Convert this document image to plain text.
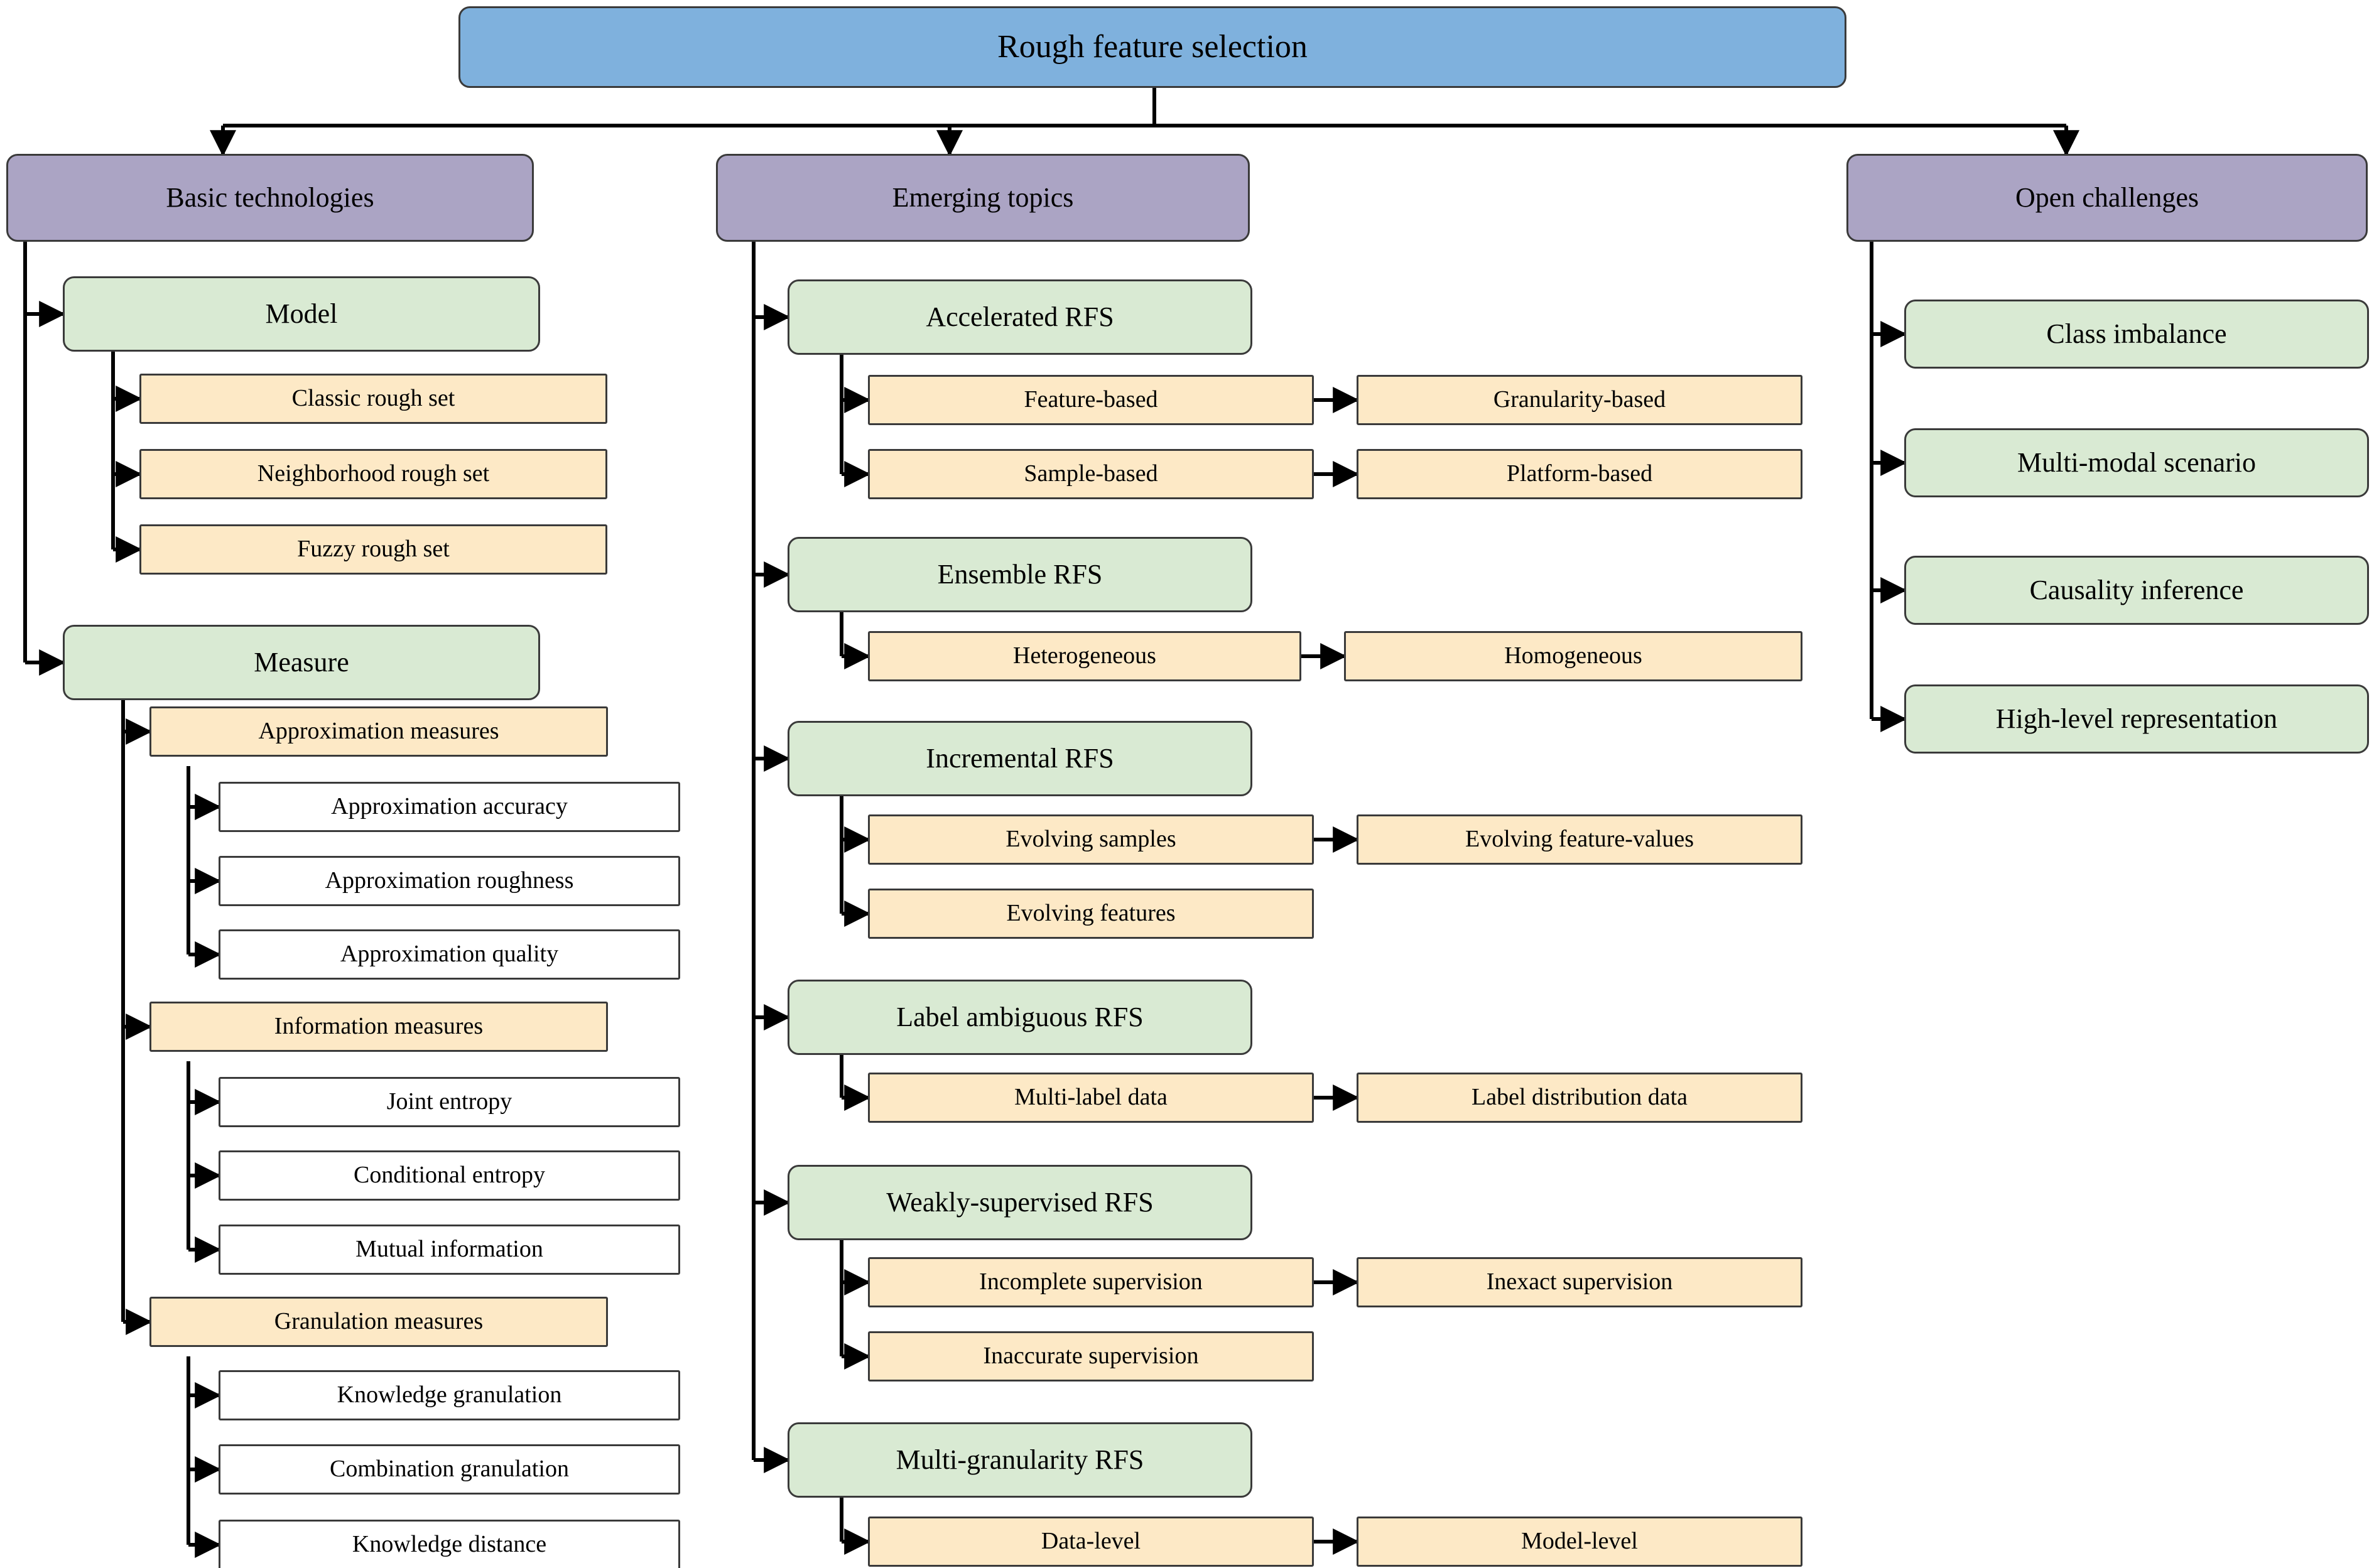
Rough feature selection
Basic technologies	Emerging topics	Open challenges
Model
Classic rough set
Neighborhood rough set
Fuzzy rough set
Measure
Approximation measures
Approximation accuracy
Approximation roughness
Approximation quality
Information measures
Joint entropy
Conditional entropy
Mutual information
Granulation measures
Knowledge granulation
Combination granulation
Knowledge distance
Accelerated RFS
Feature-based	Granularity-based
Sample-based	Platform-based
Ensemble RFS
Heterogeneous	Homogeneous
Incremental RFS
Evolving samples	Evolving feature-values
Evolving features
Label ambiguous RFS
Multi-label data	Label distribution data
Weakly-supervised RFS
Incomplete supervision	Inexact supervision
Inaccurate supervision
Multi-granularity RFS
Data-level	Model-level
Class imbalance
Multi-modal scenario
Causality inference
High-level representation
